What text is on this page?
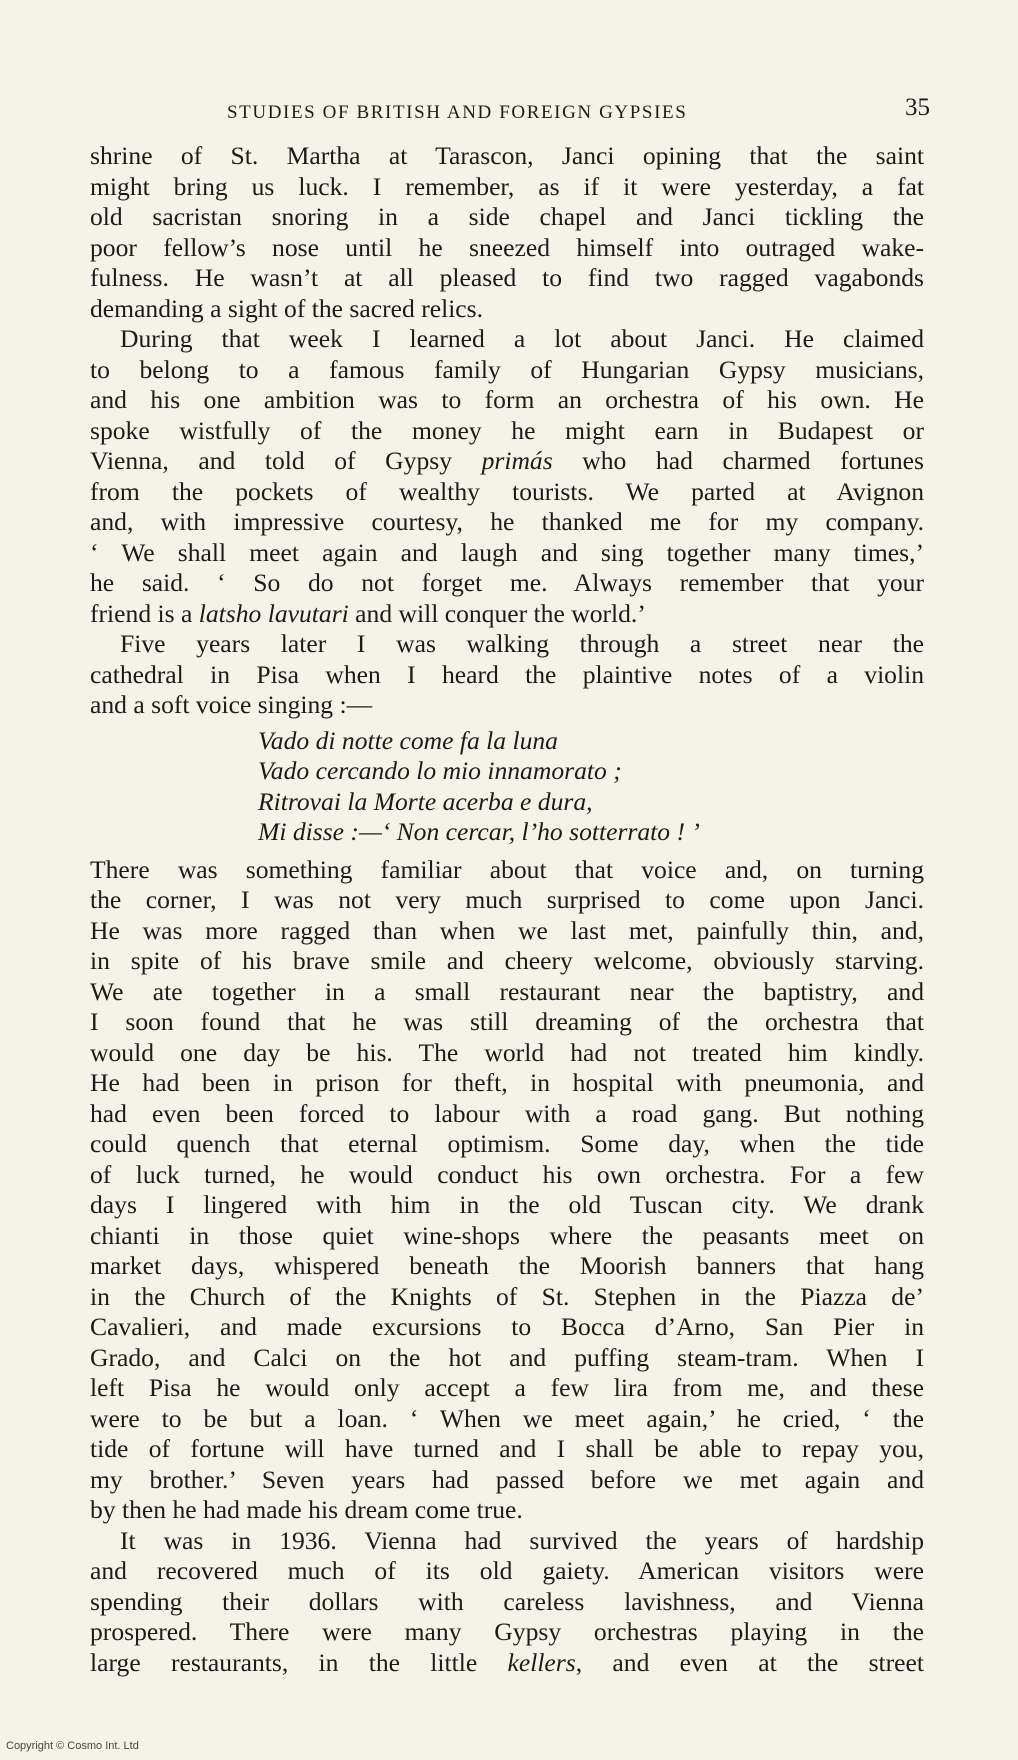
STUDIES OF BRITISH AND FOREIGN GYPSIES	35
shrine of St. Martha at Tarascon, Janci opining that the saint
might bring us luck. I remember, as if it were yesterday, a fat
old sacristan snoring in a side chapel and Janci tickling the
poor fellow’s nose until he sneezed himself into outraged wake-
fulness. He wasn’t at all pleased to find two ragged vagabonds
demanding a sight of the sacred relics.
During that week I learned a lot about Janci. He claimed
to belong to a famous family of Hungarian Gypsy musicians,
and his one ambition was to form an orchestra of his own. He
spoke wistfully of the money he might earn in Budapest or
Vienna, and told of Gypsy primás who had charmed fortunes
from the pockets of wealthy tourists. We parted at Avignon
and, with impressive courtesy, he thanked me for my company.
‘ We shall meet again and laugh and sing together many times,’
he said. ‘ So do not forget me. Always remember that your
friend is a latsho lavutari and will conquer the world.’
Five years later I was walking through a street near the
cathedral in Pisa when I heard the plaintive notes of a violin
and a soft voice singing :—
Vado di notte come fa la luna
Vado cercando lo mio innamorato ;
Ritrovai la Morte acerba e dura,
Mi disse :—‘ Non cercar, l’ho sotterrato ! ’
There was something familiar about that voice and, on turning
the corner, I was not very much surprised to come upon Janci.
He was more ragged than when we last met, painfully thin, and,
in spite of his brave smile and cheery welcome, obviously starving.
We ate together in a small restaurant near the baptistry, and
I soon found that he was still dreaming of the orchestra that
would one day be his. The world had not treated him kindly.
He had been in prison for theft, in hospital with pneumonia, and
had even been forced to labour with a road gang. But nothing
could quench that eternal optimism. Some day, when the tide
of luck turned, he would conduct his own orchestra. For a few
days I lingered with him in the old Tuscan city. We drank
chianti in those quiet wine-shops where the peasants meet on
market days, whispered beneath the Moorish banners that hang
in the Church of the Knights of St. Stephen in the Piazza de’
Cavalieri, and made excursions to Bocca d’Arno, San Pier in
Grado, and Calci on the hot and puffing steam-tram. When I
left Pisa he would only accept a few lira from me, and these
were to be but a loan. ‘ When we meet again,’ he cried, ‘ the
tide of fortune will have turned and I shall be able to repay you,
my brother.’ Seven years had passed before we met again and
by then he had made his dream come true.
It was in 1936. Vienna had survived the years of hardship
and recovered much of its old gaiety. American visitors were
spending their dollars with careless lavishness, and Vienna
prospered. There were many Gypsy orchestras playing in the
large restaurants, in the little kellers, and even at the street
Copyright © Cosmo Int. Ltd
